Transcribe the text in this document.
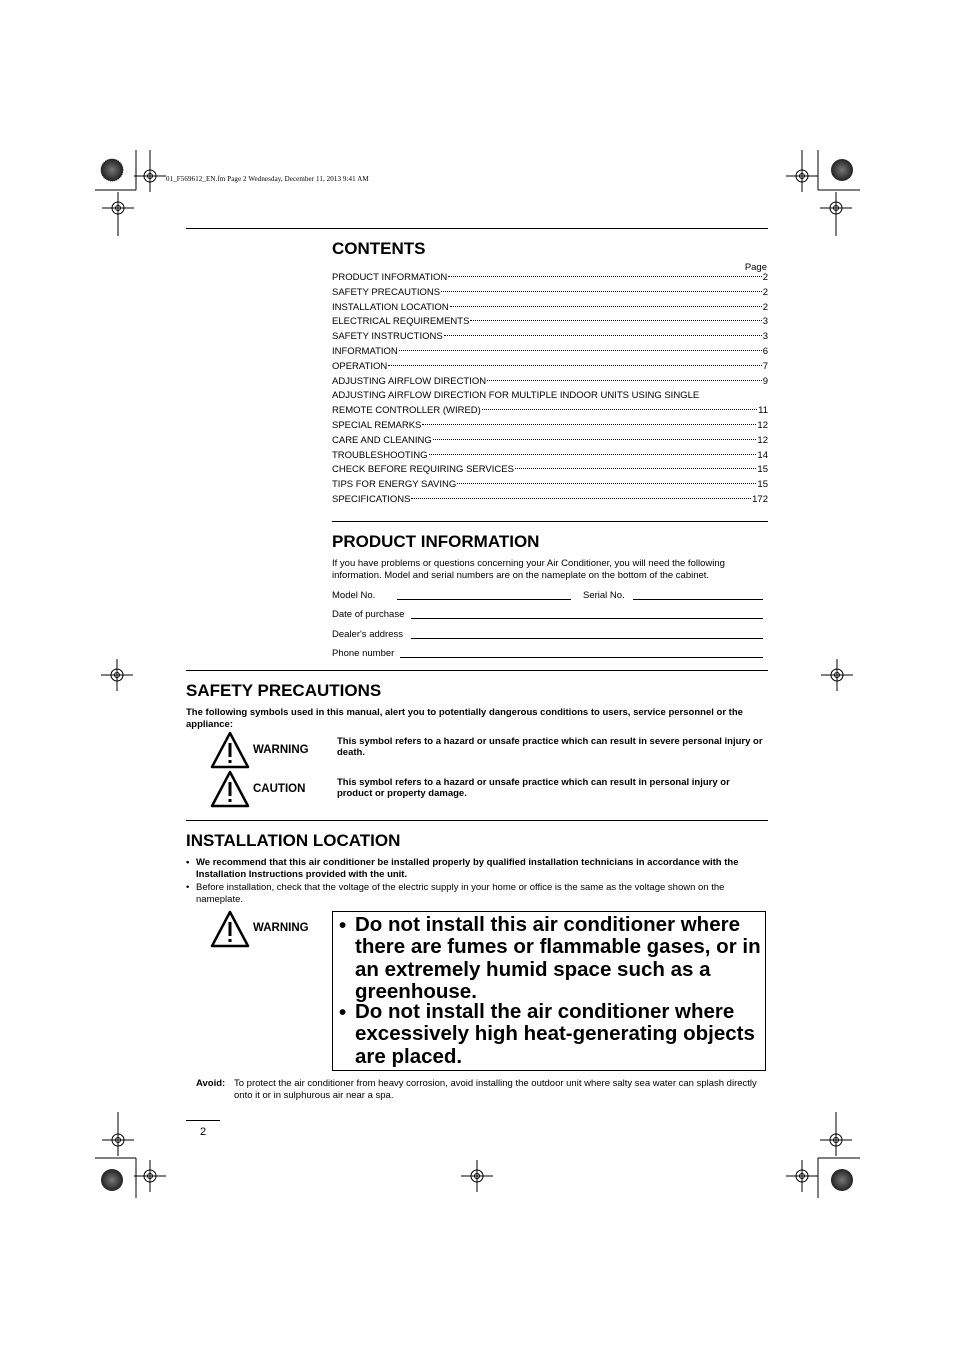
01_F569612_EN.fm Page 2 Wednesday, December 11, 2013 9:41 AM
CONTENTS
Page
PRODUCT INFORMATION	2
SAFETY PRECAUTIONS	2
INSTALLATION LOCATION	2
ELECTRICAL REQUIREMENTS	3
SAFETY INSTRUCTIONS	3
INFORMATION	6
OPERATION	7
ADJUSTING AIRFLOW DIRECTION	9
ADJUSTING AIRFLOW DIRECTION FOR MULTIPLE INDOOR UNITS USING SINGLE
REMOTE CONTROLLER (WIRED)	11
SPECIAL REMARKS	12
CARE AND CLEANING	12
TROUBLESHOOTING	14
CHECK BEFORE REQUIRING SERVICES	15
TIPS FOR ENERGY SAVING	15
SPECIFICATIONS	172
PRODUCT INFORMATION
If you have problems or questions concerning your Air Conditioner, you will need the following information. Model and serial numbers are on the nameplate on the bottom of the cabinet.
Model No.	Serial No.
Date of purchase
Dealer's address
Phone number
SAFETY PRECAUTIONS
The following symbols used in this manual, alert you to potentially dangerous conditions to users, service personnel or the appliance:
WARNING
This symbol refers to a hazard or unsafe practice which can result in severe personal injury or death.
CAUTION
This symbol refers to a hazard or unsafe practice which can result in personal injury or product or property damage.
INSTALLATION LOCATION
• We recommend that this air conditioner be installed properly by qualified installation technicians in accordance with the Installation Instructions provided with the unit.
• Before installation, check that the voltage of the electric supply in your home or office is the same as the voltage shown on the nameplate.
WARNING • Do not install this air conditioner where there are fumes or flammable gases, or in an extremely humid space such as a greenhouse.
• Do not install the air conditioner where excessively high heat-generating objects are placed.
Avoid: To protect the air conditioner from heavy corrosion, avoid installing the outdoor unit where salty sea water can splash directly onto it or in sulphurous air near a spa.
2
